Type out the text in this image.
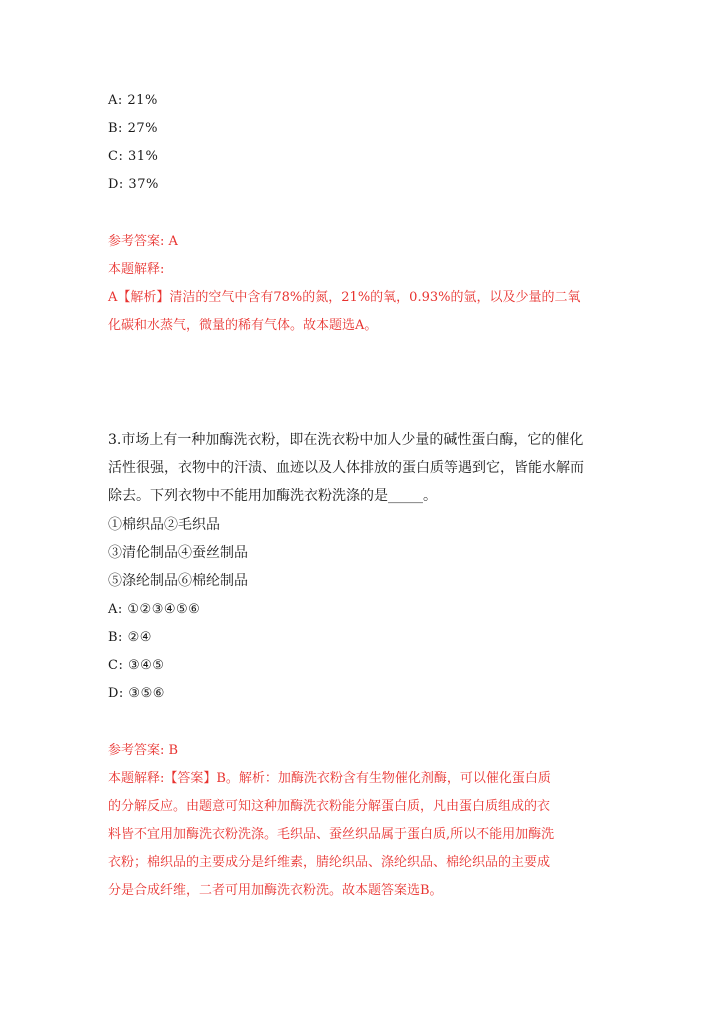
A: 21%
B: 27%
C: 31%
D: 37%
参考答案: A
本题解释:
A【解析】清洁的空气中含有78%的氮，21%的氧，0.93%的氩，以及少量的二氧
化碳和水蒸气，微量的稀有气体。故本题选A。
3.市场上有一种加酶洗衣粉，即在洗衣粉中加人少量的碱性蛋白酶，它的催化
活性很强，衣物中的汗渍、血迹以及人体排放的蛋白质等遇到它，皆能水解而
除去。下列衣物中不能用加酶洗衣粉洗涤的是_____。
①棉织品②毛织品
③清伦制品④蚕丝制品
⑤涤纶制品⑥棉纶制品
A: ①②③④⑤⑥
B: ②④
C: ③④⑤
D: ③⑤⑥
参考答案: B
本题解释:【答案】B。解析：加酶洗衣粉含有生物催化剂酶，可以催化蛋白质
的分解反应。由题意可知这种加酶洗衣粉能分解蛋白质，凡由蛋白质组成的衣
料皆不宜用加酶洗衣粉洗涤。毛织品、蚕丝织品属于蛋白质,所以不能用加酶洗
衣粉；棉织品的主要成分是纤维素，腈纶织品、涤纶织品、棉纶织品的主要成
分是合成纤维，二者可用加酶洗衣粉洗。故本题答案选B。
